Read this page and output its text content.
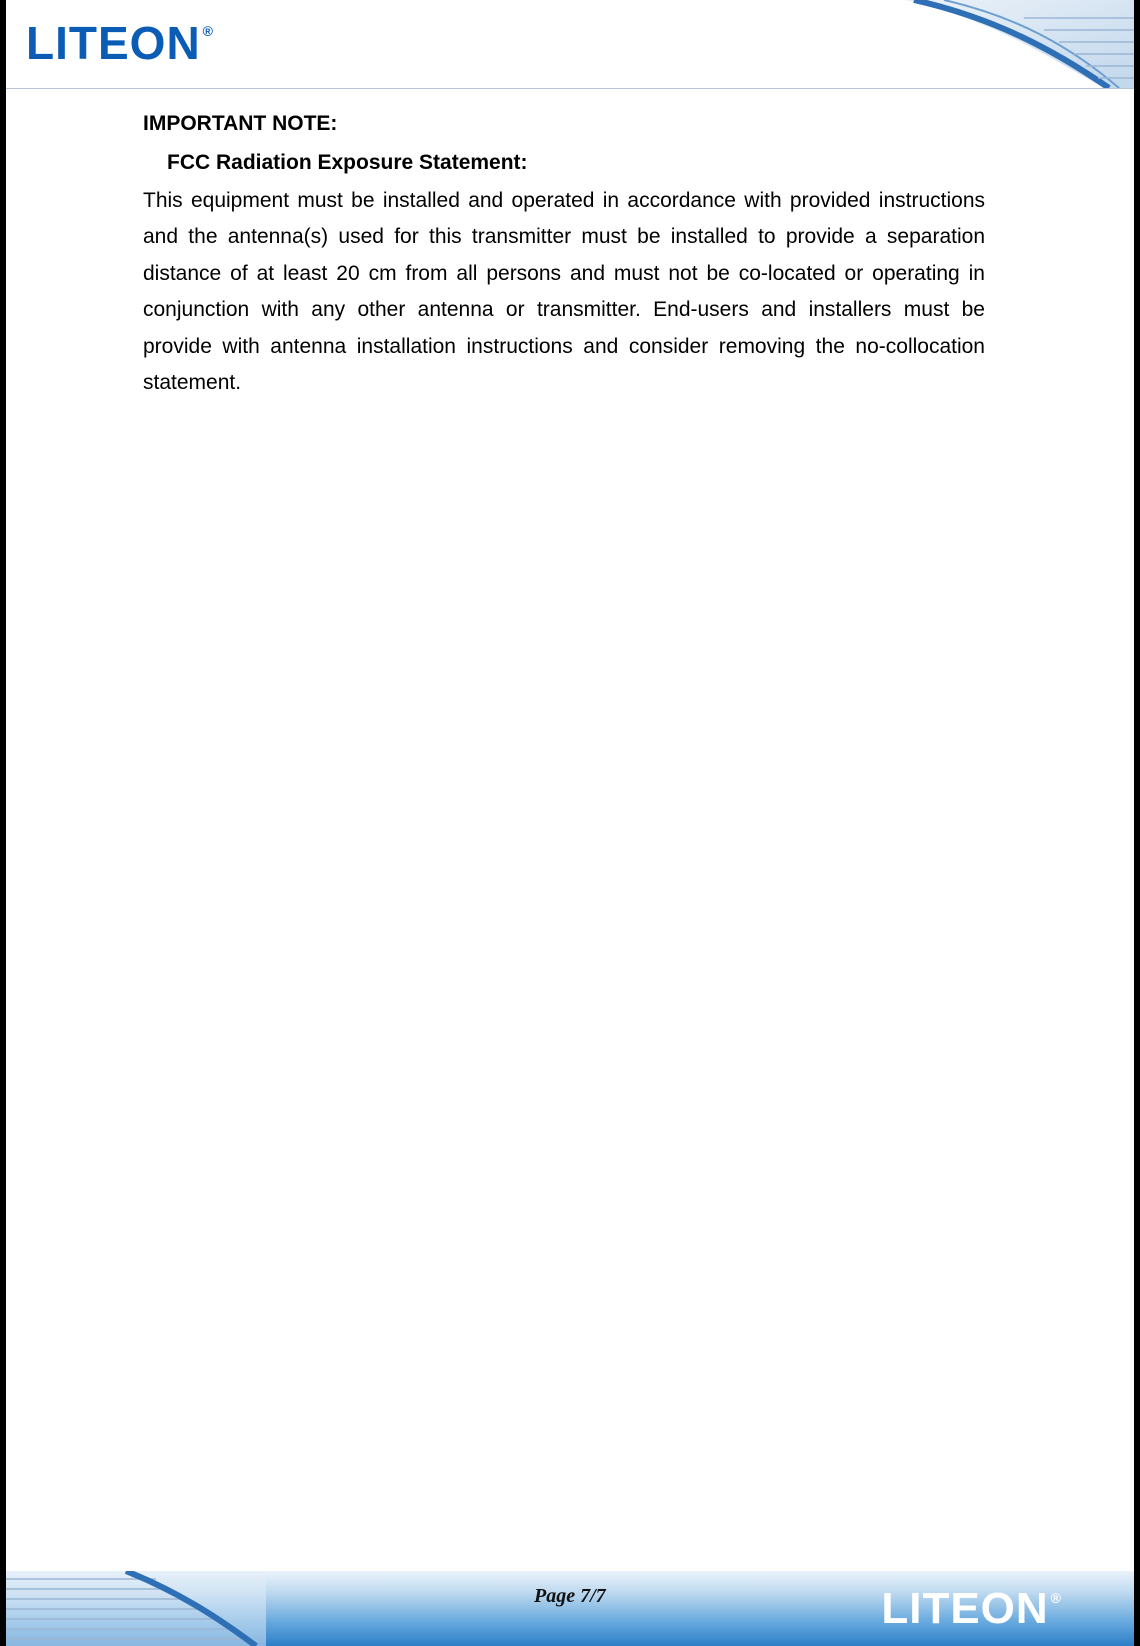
LITEON ®
IMPORTANT NOTE:
FCC Radiation Exposure Statement:

This equipment must be installed and operated in accordance with provided instructions and the antenna(s) used for this transmitter must be installed to provide a separation distance of at least 20 cm from all persons and must not be co-located or operating in conjunction with any other antenna or transmitter. End-users and installers must be provide with antenna installation instructions and consider removing the no-collocation statement.

Page 7/7	LITEON ®
